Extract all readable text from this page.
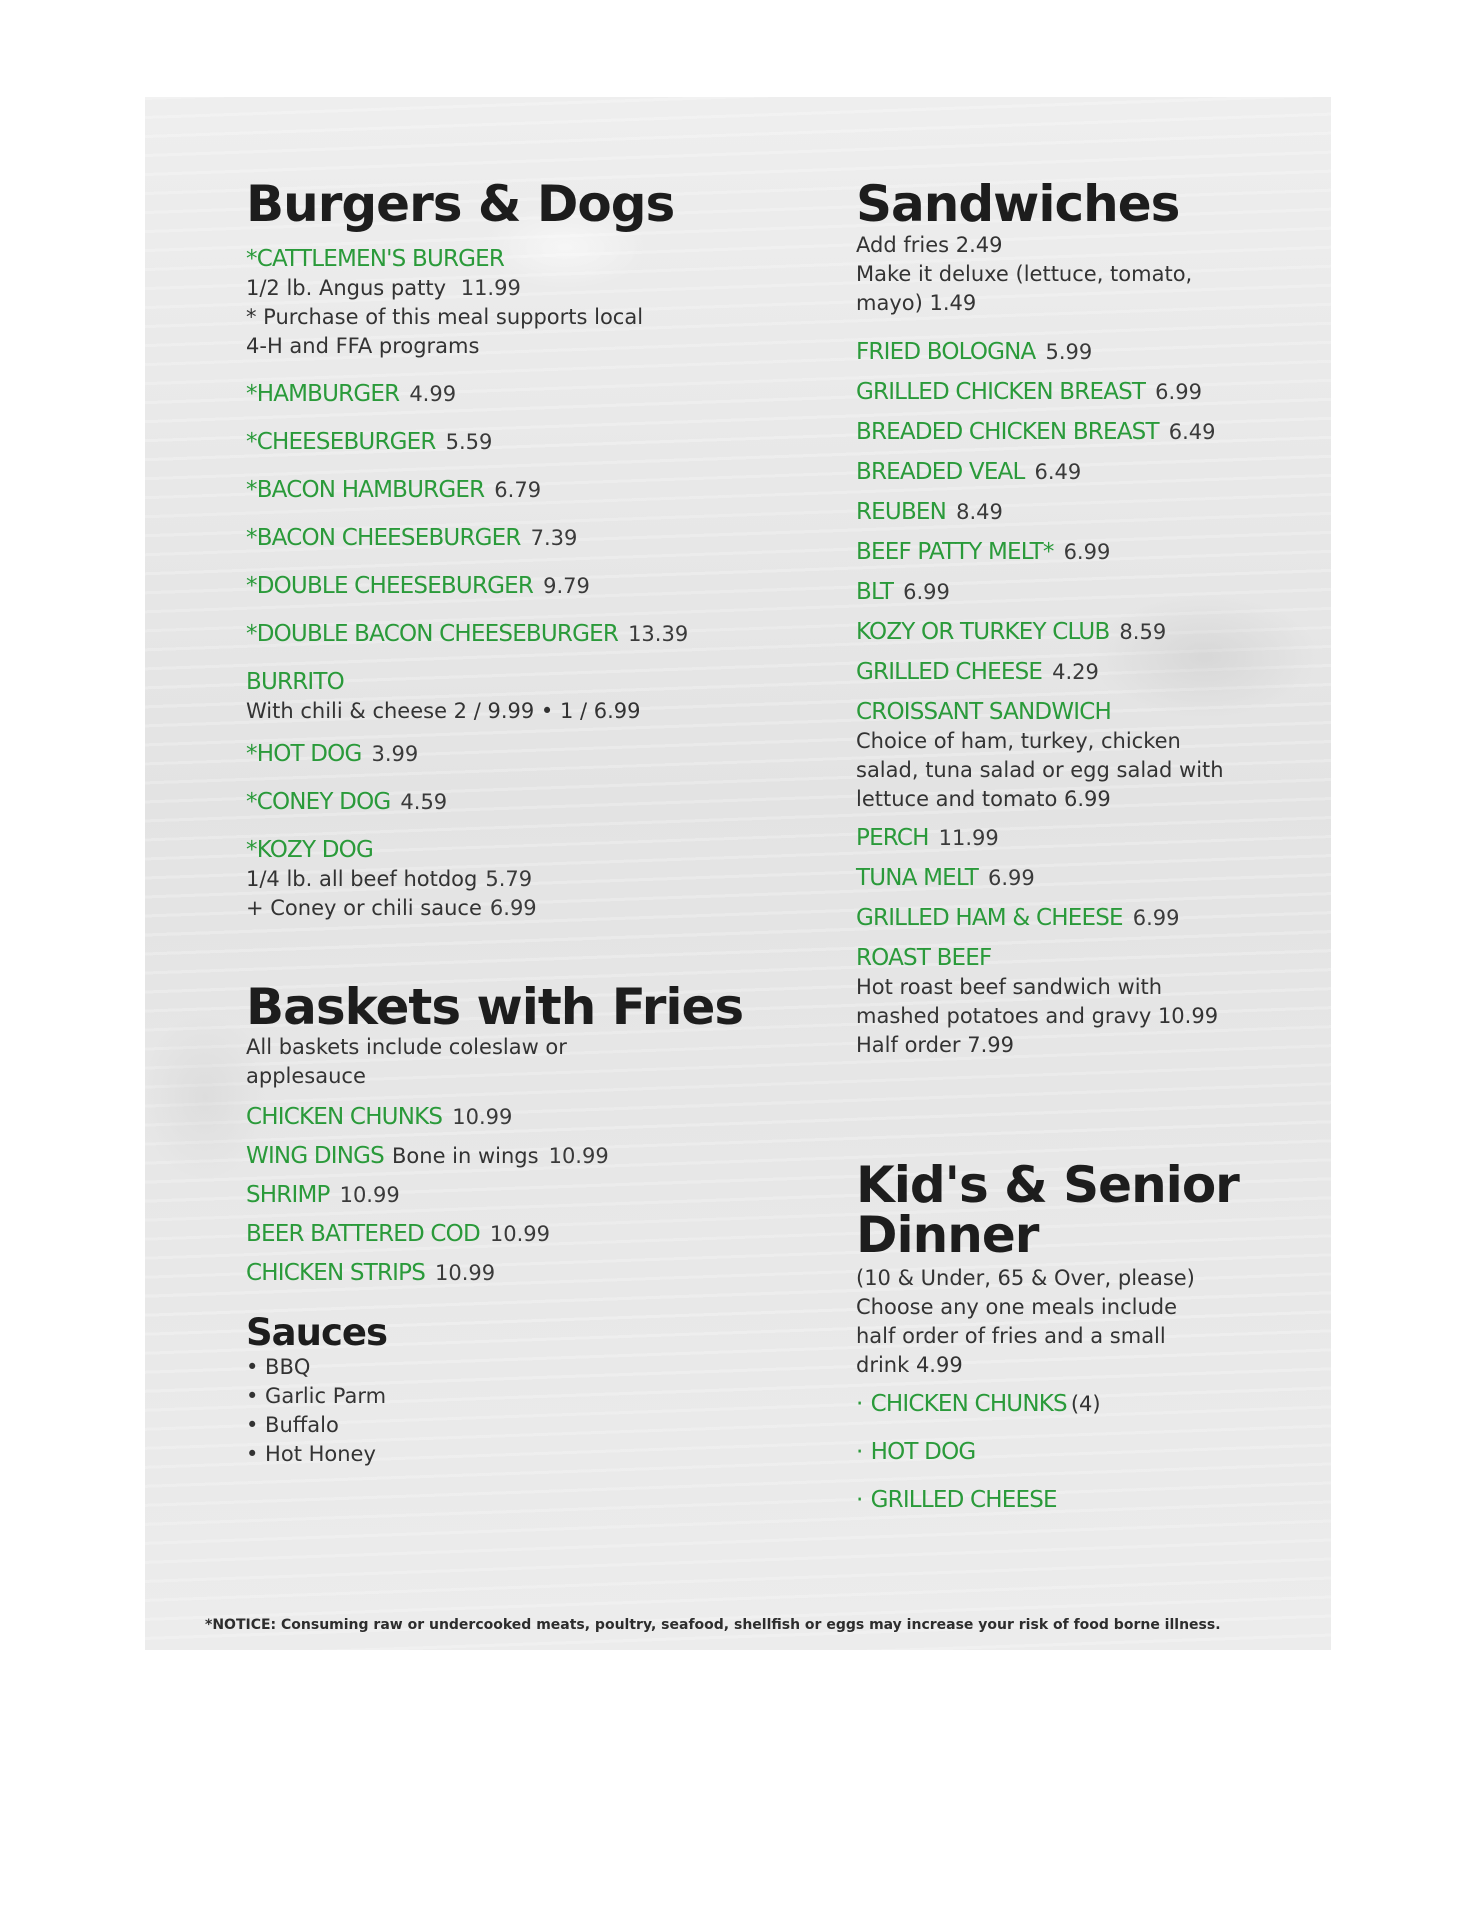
Burgers & Dogs
*CATTLEMEN'S BURGER
1/2 lb. Angus patty 11.99
* Purchase of this meal supports local
4-H and FFA programs
*HAMBURGER 4.99
*CHEESEBURGER 5.59
*BACON HAMBURGER 6.79
*BACON CHEESEBURGER 7.39
*DOUBLE CHEESEBURGER 9.79
*DOUBLE BACON CHEESEBURGER 13.39
BURRITO
With chili & cheese 2 / 9.99 • 1 / 6.99
*HOT DOG 3.99
*CONEY DOG 4.59
*KOZY DOG
1/4 lb. all beef hotdog 5.79
+ Coney or chili sauce 6.99
Baskets with Fries
All baskets include coleslaw or
applesauce
CHICKEN CHUNKS 10.99
WING DINGS Bone in wings 10.99
SHRIMP 10.99
BEER BATTERED COD 10.99
CHICKEN STRIPS 10.99
Sauces
• BBQ
• Garlic Parm
• Buffalo
• Hot Honey
Sandwiches
Add fries 2.49
Make it deluxe (lettuce, tomato,
mayo) 1.49
FRIED BOLOGNA 5.99
GRILLED CHICKEN BREAST 6.99
BREADED CHICKEN BREAST 6.49
BREADED VEAL 6.49
REUBEN 8.49
BEEF PATTY MELT* 6.99
BLT 6.99
KOZY OR TURKEY CLUB 8.59
GRILLED CHEESE 4.29
CROISSANT SANDWICH
Choice of ham, turkey, chicken
salad, tuna salad or egg salad with
lettuce and tomato 6.99
PERCH 11.99
TUNA MELT 6.99
GRILLED HAM & CHEESE 6.99
ROAST BEEF
Hot roast beef sandwich with
mashed potatoes and gravy 10.99
Half order 7.99
Kid's & Senior
Dinner
(10 & Under, 65 & Over, please)
Choose any one meals include
half order of fries and a small
drink 4.99
· CHICKEN CHUNKS (4)
· HOT DOG
· GRILLED CHEESE
*NOTICE: Consuming raw or undercooked meats, poultry, seafood, shellfish or eggs may increase your risk of food borne illness.
